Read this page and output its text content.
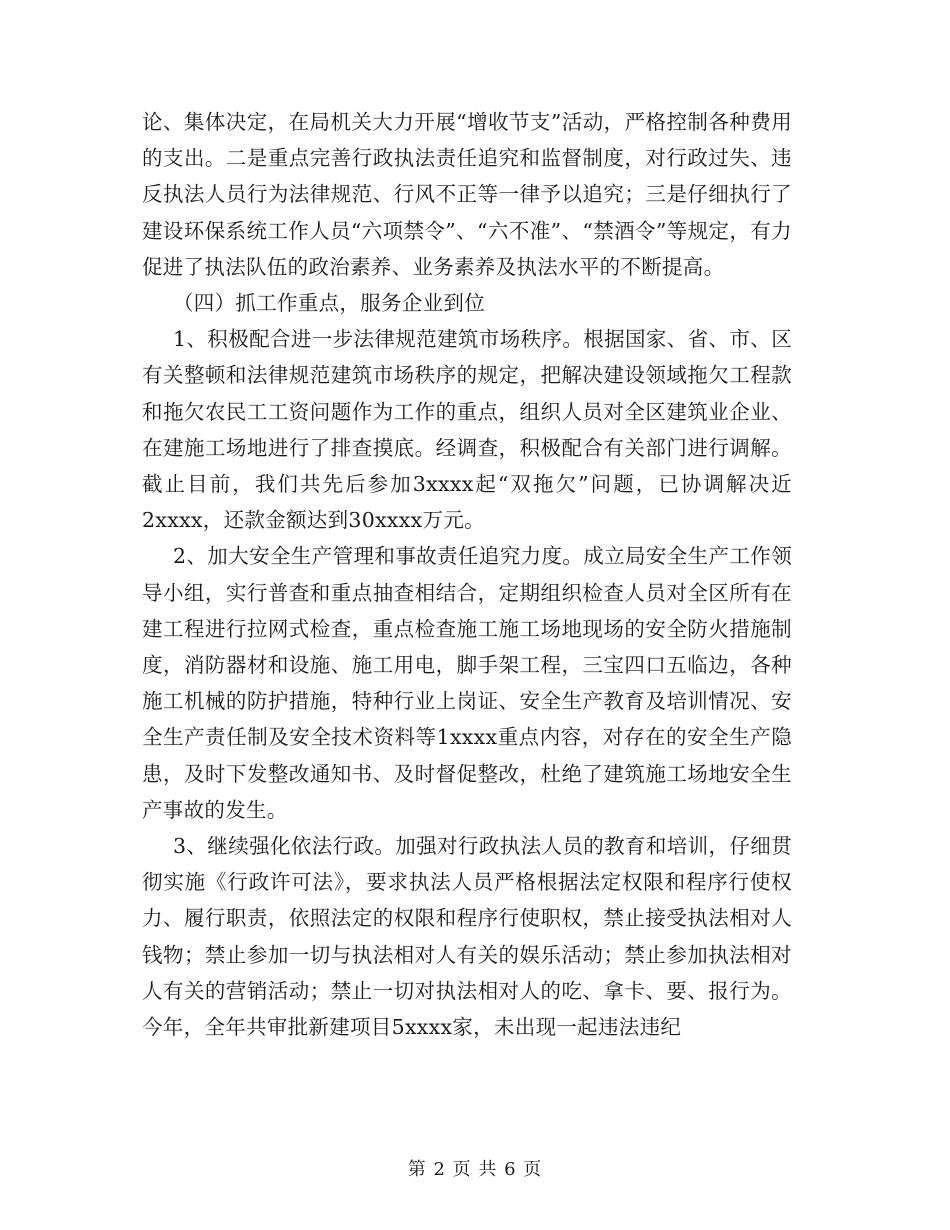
论、集体决定，在局机关大力开展“增收节支”活动，严格控制各种费用的支出。二是重点完善行政执法责任追究和监督制度，对行政过失、违反执法人员行为法律规范、行风不正等一律予以追究；三是仔细执行了建设环保系统工作人员“六项禁令”、“六不准”、“禁酒令”等规定，有力促进了执法队伍的政治素养、业务素养及执法水平的不断提高。

（四）抓工作重点，服务企业到位

1、积极配合进一步法律规范建筑市场秩序。根据国家、省、市、区有关整顿和法律规范建筑市场秩序的规定，把解决建设领域拖欠工程款和拖欠农民工工资问题作为工作的重点，组织人员对全区建筑业企业、在建施工场地进行了排查摸底。经调查，积极配合有关部门进行调解。截止目前，我们共先后参加3xxxx起“双拖欠”问题，已协调解决近2xxxx，还款金额达到30xxxx万元。

2、加大安全生产管理和事故责任追究力度。成立局安全生产工作领导小组，实行普查和重点抽查相结合，定期组织检查人员对全区所有在建工程进行拉网式检查，重点检查施工施工场地现场的安全防火措施制度，消防器材和设施、施工用电，脚手架工程，三宝四口五临边，各种施工机械的防护措施，特种行业上岗证、安全生产教育及培训情况、安全生产责任制及安全技术资料等1xxxx重点内容，对存在的安全生产隐患，及时下发整改通知书、及时督促整改，杜绝了建筑施工场地安全生产事故的发生。

3、继续强化依法行政。加强对行政执法人员的教育和培训，仔细贯彻实施《行政许可法》，要求执法人员严格根据法定权限和程序行使权力、履行职责，依照法定的权限和程序行使职权，禁止接受执法相对人钱物；禁止参加一切与执法相对人有关的娱乐活动；禁止参加执法相对人有关的营销活动；禁止一切对执法相对人的吃、拿卡、要、报行为。今年，全年共审批新建项目5xxxx家，未出现一起违法违纪

第 2 页 共 6 页
